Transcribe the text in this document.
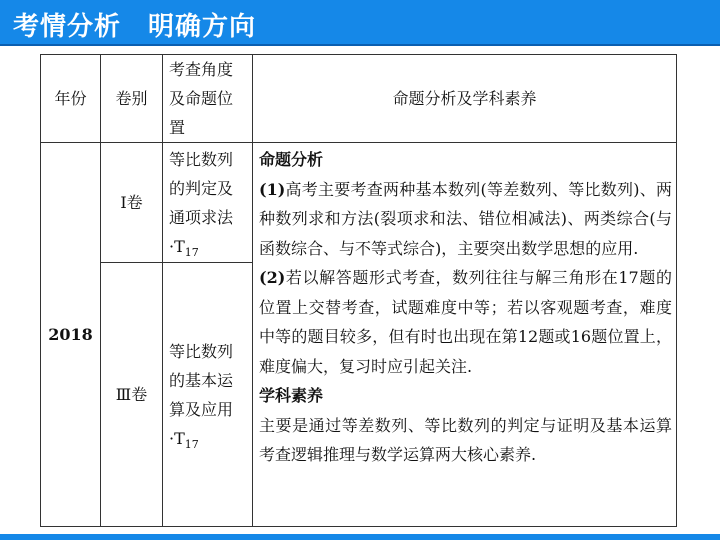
考情分析　明确方向
年份	卷别	考查角度及命题位置	命题分析及学科素养
2018	Ⅰ卷	等比数列的判定及通项求法$\cdot T_{17}$	命题分析
(1)高考主要考查两种基本数列(等差数列、等比数列)、两种数列求和方法(裂项求和法、错位相减法)、两类综合(与函数综合、与不等式综合)，主要突出数学思想的应用.
(2)若以解答题形式考查，数列往往与解三角形在17题的位置上交替考查，试题难度中等；若以客观题考查，难度中等的题目较多，但有时也出现在第12题或16题位置上，难度偏大，复习时应引起关注.
学科素养
主要是通过等差数列、等比数列的判定与证明及基本运算考查逻辑推理与数学运算两大核心素养.

	Ⅲ卷	等比数列的基本运算及应用$\cdot T_{17}$
